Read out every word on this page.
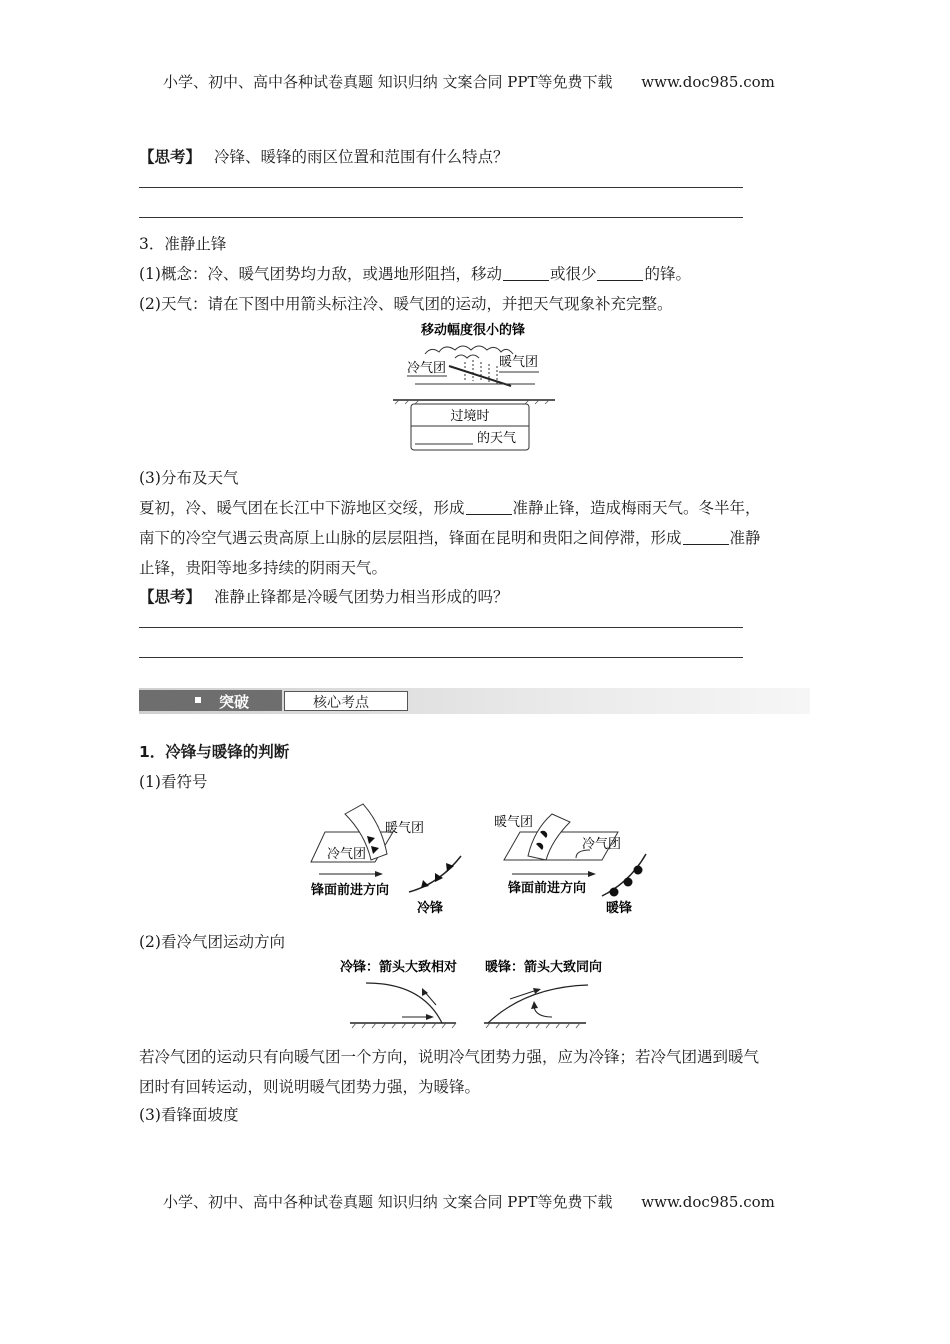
小学、初中、高中各种试卷真题 知识归纳 文案合同 PPT等免费下载 www.doc985.com
【思考】 冷锋、暖锋的雨区位置和范围有什么特点？
3．准静止锋
(1)概念：冷、暖气团势均力敌，或遇地形阻挡，移动	或很少	的锋。
(2)天气：请在下图中用箭头标注冷、暖气团的运动，并把天气现象补充完整。
移动幅度很小的锋
冷气团	暖气团
过境时
的天气
(3)分布及天气
夏初，冷、暖气团在长江中下游地区交绥，形成	准静止锋，造成梅雨天气。冬半年，
南下的冷空气遇云贵高原上山脉的层层阻挡，锋面在昆明和贵阳之间停滞，形成	准静
止锋，贵阳等地多持续的阴雨天气。
【思考】 准静止锋都是冷暖气团势力相当形成的吗？
突破	核心考点
1．冷锋与暖锋的判断
(1)看符号
暖气团
冷气团
锋面前进方向
冷锋
暖气团
冷气团
锋面前进方向
暖锋
(2)看冷气团运动方向
冷锋：箭头大致相对 暖锋：箭头大致同向
若冷气团的运动只有向暖气团一个方向，说明冷气团势力强，应为冷锋；若冷气团遇到暖气
团时有回转运动，则说明暖气团势力强，为暖锋。
(3)看锋面坡度
小学、初中、高中各种试卷真题 知识归纳 文案合同 PPT等免费下载 www.doc985.com
